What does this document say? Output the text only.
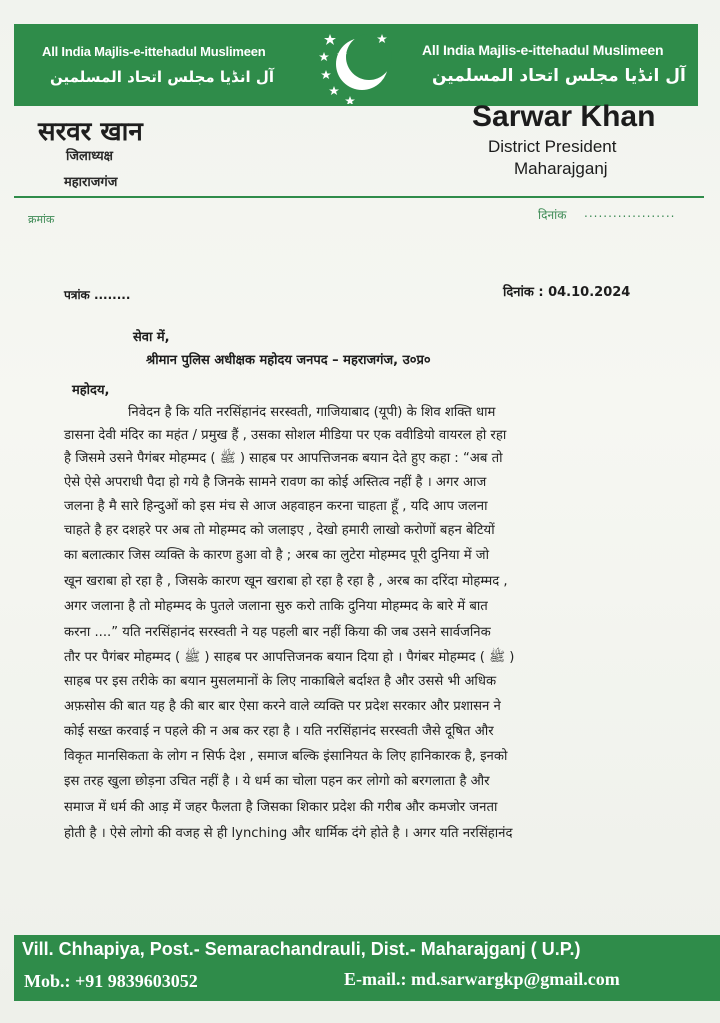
All India Majlis-e-ittehadul Muslimeen
آل انڈیا مجلس اتحاد المسلمین
All India Majlis-e-ittehadul Muslimeen
آل انڈیا مجلس اتحاد المسلمین
सरवर खान
जिलाध्यक्ष
महाराजगंज
Sarwar Khan
District President
Maharajganj
क्रमांक	दिनांक ...................
पत्रांक ........	दिनांक : 04.10.2024
सेवा में,
श्रीमान पुलिस अधीक्षक महोदय जनपद – महराजगंज, उ०प्र०
महोदय,
निवेदन है कि यति नरसिंहानंद सरस्वती, गाजियाबाद (यूपी) के शिव शक्ति धाम
डासना देवी मंदिर का महंत / प्रमुख हैं , उसका सोशल मीडिया पर एक ववीडियो वायरल हो रहा
है जिसमे उसने पैगंबर मोहम्मद ( ﷺ ) साहब पर आपत्तिजनक बयान देते हुए कहा : “अब तो
ऐसे ऐसे अपराधी पैदा हो गये है जिनके सामने रावण का कोई अस्तित्व नहीं है । अगर आज
जलना है मै सारे हिन्दुओं को इस मंच से आज अहवाहन करना चाहता हूँ , यदि आप जलना
चाहते है हर दशहरे पर अब तो मोहम्मद को जलाइए , देखो हमारी लाखो करोणों बहन बेटियों
का बलात्कार जिस व्यक्ति के कारण हुआ वो है ; अरब का लुटेरा मोहम्मद पूरी दुनिया में जो
खून खराबा हो रहा है , जिसके कारण खून खराबा हो रहा है रहा है , अरब का दरिंदा मोहम्मद ,
अगर जलाना है तो मोहम्मद के पुतले जलाना सुरु करो ताकि दुनिया मोहम्मद के बारे में बात
करना ....” यति नरसिंहानंद सरस्वती ने यह पहली बार नहीं किया की जब उसने सार्वजनिक
तौर पर पैगंबर मोहम्मद ( ﷺ ) साहब पर आपत्तिजनक बयान दिया हो । पैगंबर मोहम्मद ( ﷺ )
साहब पर इस तरीके का बयान मुसलमानों के लिए नाकाबिले बर्दाश्त है और उससे भी अधिक
अफ़सोस की बात यह है की बार बार ऐसा करने वाले व्यक्ति पर प्रदेश सरकार और प्रशासन ने
कोई सख्त करवाई न पहले की न अब कर रहा है । यति नरसिंहानंद सरस्वती जैसे दूषित और
विकृत मानसिकता के लोग न सिर्फ देश , समाज बल्कि इंसानियत के लिए हानिकारक है, इनको
इस तरह खुला छोड़ना उचित नहीं है । ये धर्म का चोला पहन कर लोगो को बरगलाता है और
समाज में धर्म की आड़ में जहर फैलता है जिसका शिकार प्रदेश की गरीब और कमजोर जनता
होती है । ऐसे लोगो की वजह से ही lynching और धार्मिक दंगे होते है । अगर यति नरसिंहानंद
Vill. Chhapiya, Post.- Semarachandrauli, Dist.- Maharajganj ( U.P.)
Mob.: +91 9839603052	E-mail.: md.sarwargkp@gmail.com
